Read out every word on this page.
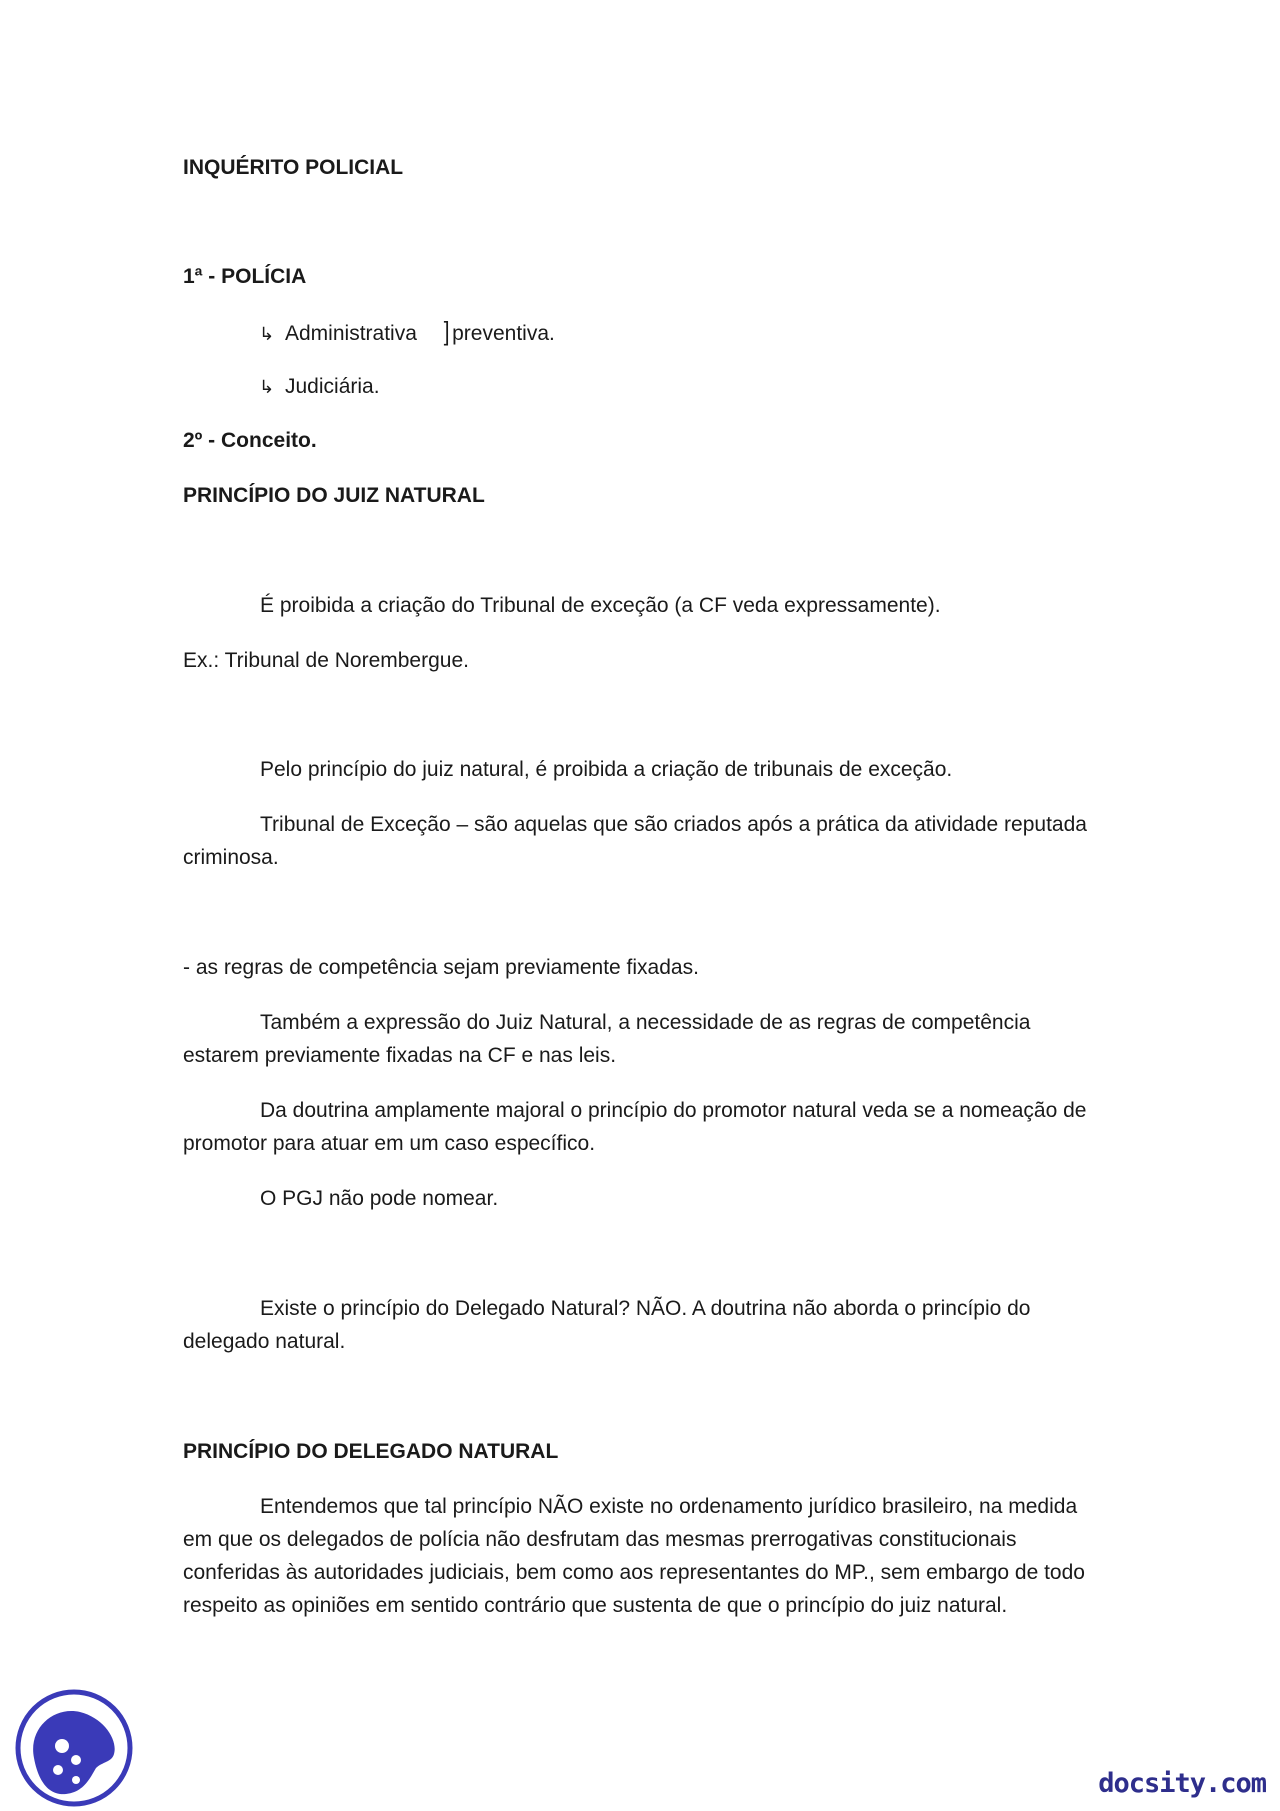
INQUÉRITO POLICIAL

1ª - POLÍCIA

↳ Administrativa ] preventiva.
↳ Judiciária.

2º - Conceito.

PRINCÍPIO DO JUIZ NATURAL

É proibida a criação do Tribunal de exceção (a CF veda expressamente).

Ex.: Tribunal de Norembergue.

Pelo princípio do juiz natural, é proibida a criação de tribunais de exceção.

Tribunal de Exceção – são aquelas que são criados após a prática da atividade reputada criminosa.

- as regras de competência sejam previamente fixadas.

Também a expressão do Juiz Natural, a necessidade de as regras de competência estarem previamente fixadas na CF e nas leis.

Da doutrina amplamente majoral o princípio do promotor natural veda se a nomeação de promotor para atuar em um caso específico.

O PGJ não pode nomear.

Existe o princípio do Delegado Natural? NÃO. A doutrina não aborda o princípio do delegado natural.

PRINCÍPIO DO DELEGADO NATURAL

Entendemos que tal princípio NÃO existe no ordenamento jurídico brasileiro, na medida em que os delegados de polícia não desfrutam das mesmas prerrogativas constitucionais conferidas às autoridades judiciais, bem como aos representantes do MP., sem embargo de todo respeito as opiniões em sentido contrário que sustenta de que o princípio do juiz natural.

docsity.com
